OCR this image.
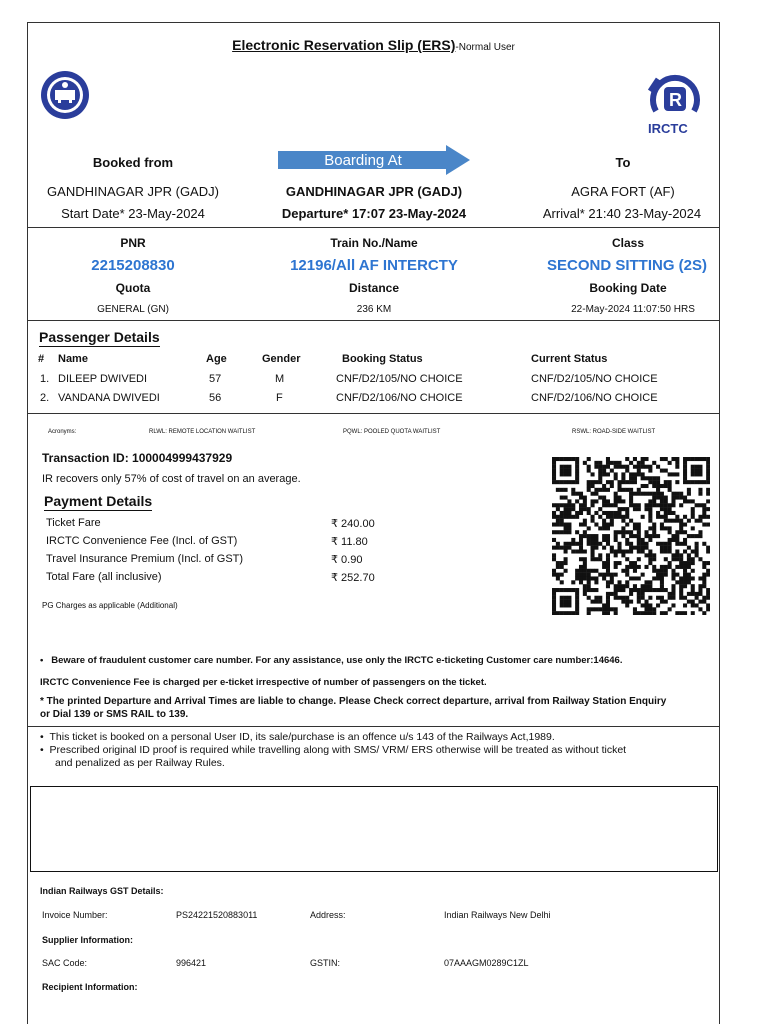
Electronic Reservation Slip (ERS)-Normal User
R
IRCTC
Booked from	Boarding At	To
GANDHINAGAR JPR (GADJ)	GANDHINAGAR JPR (GADJ)	AGRA FORT (AF)
Start Date* 23-May-2024	Departure* 17:07 23-May-2024	Arrival* 21:40 23-May-2024
PNR	Train No./Name	Class
2215208830	12196/All AF INTERCTY	SECOND SITTING (2S)
Quota	Distance	Booking Date
GENERAL (GN)	236 KM	22-May-2024 11:07:50 HRS
Passenger Details
# Name	Age	Gender	Booking Status	Current Status
1. DILEEP DWIVEDI	57	M	CNF/D2/105/NO CHOICE	CNF/D2/105/NO CHOICE
2. VANDANA DWIVEDI	56	F	CNF/D2/106/NO CHOICE	CNF/D2/106/NO CHOICE
Acronyms:	RLWL: REMOTE LOCATION WAITLIST	PQWL: POOLED QUOTA WAITLIST	RSWL: ROAD-SIDE WAITLIST
Transaction ID: 100004999437929
IR recovers only 57% of cost of travel on an average.
Payment Details
Ticket Fare	₹ 240.00
IRCTC Convenience Fee (Incl. of GST)	₹ 11.80
Travel Insurance Premium (Incl. of GST)	₹ 0.90
Total Fare (all inclusive)	₹ 252.70
PG Charges as applicable (Additional)
•   Beware of fraudulent customer care number. For any assistance, use only the IRCTC e-ticketing Customer care number:14646.
IRCTC Convenience Fee is charged per e-ticket irrespective of number of passengers on the ticket.
* The printed Departure and Arrival Times are liable to change. Please Check correct departure, arrival from Railway Station Enquiry
or Dial 139 or SMS RAIL to 139.
•  This ticket is booked on a personal User ID, its sale/purchase is an offence u/s 143 of the Railways Act,1989.
•  Prescribed original ID proof is required while travelling along with SMS/ VRM/ ERS otherwise will be treated as without ticket
and penalized as per Railway Rules.
Indian Railways GST Details:
Invoice Number:	PS24221520883011	Address:	Indian Railways New Delhi
Supplier Information:
SAC Code:	996421	GSTIN:	07AAAGM0289C1ZL
Recipient Information:
